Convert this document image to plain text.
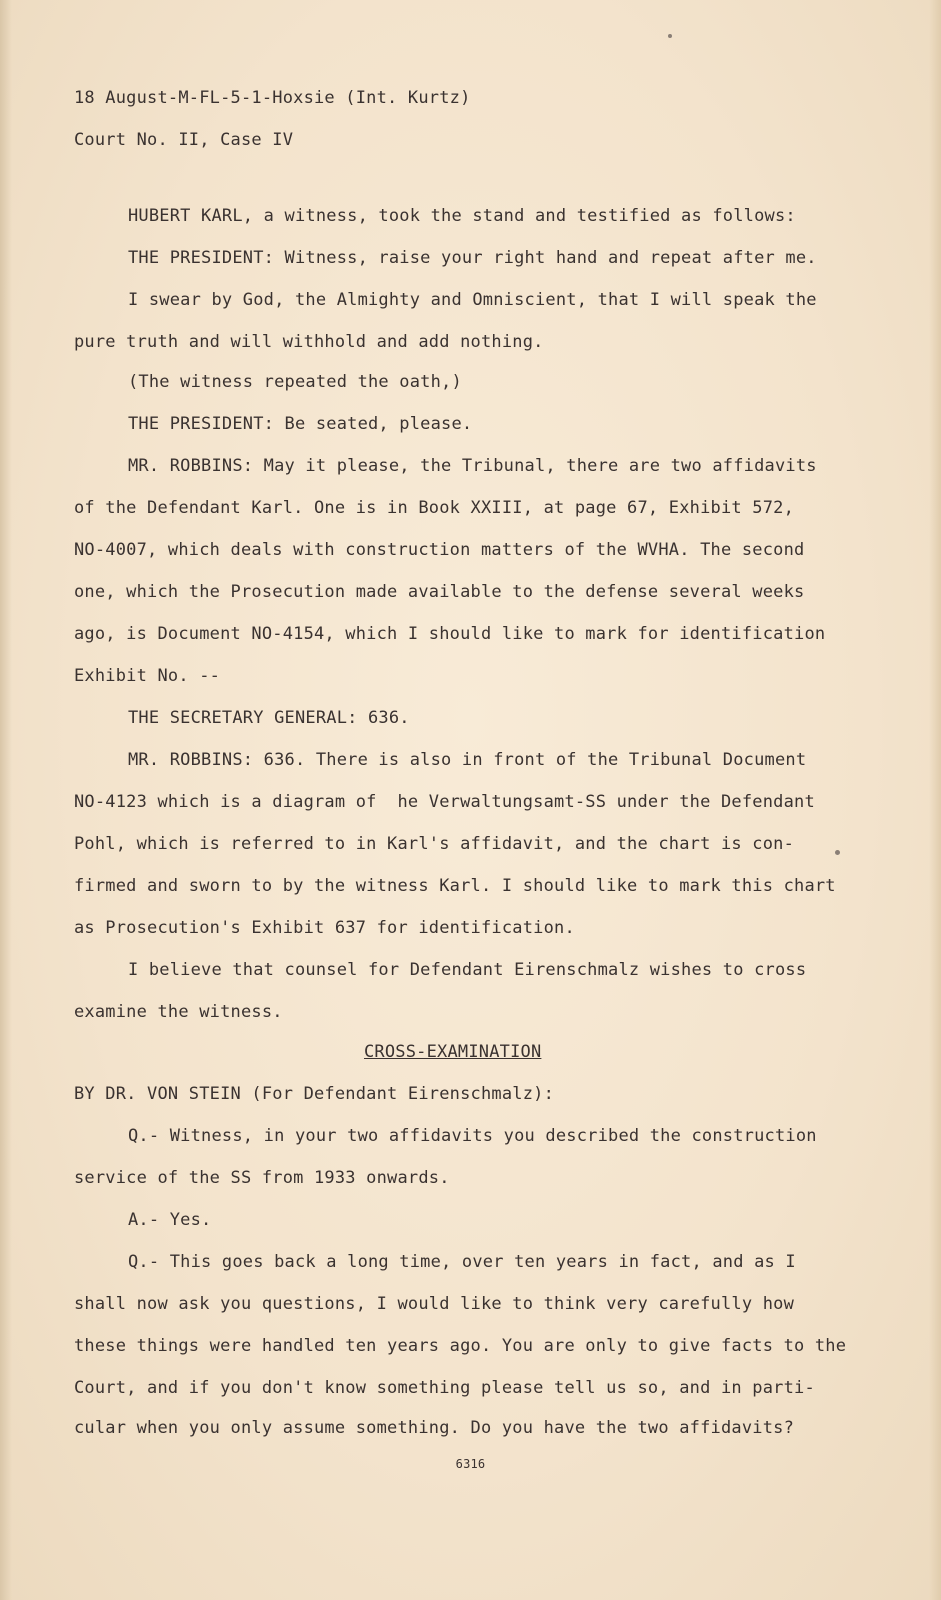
18 August-M-FL-5-1-Hoxsie (Int. Kurtz)
Court No. II, Case IV
HUBERT KARL, a witness, took the stand and testified as follows:
THE PRESIDENT: Witness, raise your right hand and repeat after me.
I swear by God, the Almighty and Omniscient, that I will speak the
pure truth and will withhold and add nothing.
(The witness repeated the oath,)
THE PRESIDENT: Be seated, please.
MR. ROBBINS: May it please, the Tribunal, there are two affidavits
of the Defendant Karl. One is in Book XXIII, at page 67, Exhibit 572,
NO-4007, which deals with construction matters of the WVHA. The second
one, which the Prosecution made available to the defense several weeks
ago, is Document NO-4154, which I should like to mark for identification
Exhibit No. --
THE SECRETARY GENERAL: 636.
MR. ROBBINS: 636. There is also in front of the Tribunal Document
NO-4123 which is a diagram of  he Verwaltungsamt-SS under the Defendant
Pohl, which is referred to in Karl's affidavit, and the chart is con-
firmed and sworn to by the witness Karl. I should like to mark this chart
as Prosecution's Exhibit 637 for identification.
I believe that counsel for Defendant Eirenschmalz wishes to cross
examine the witness.
CROSS-EXAMINATION
BY DR. VON STEIN (For Defendant Eirenschmalz):
Q.- Witness, in your two affidavits you described the construction
service of the SS from 1933 onwards.
A.- Yes.
Q.- This goes back a long time, over ten years in fact, and as I
shall now ask you questions, I would like to think very carefully how
these things were handled ten years ago. You are only to give facts to the
Court, and if you don't know something please tell us so, and in parti-
cular when you only assume something. Do you have the two affidavits?
6316
